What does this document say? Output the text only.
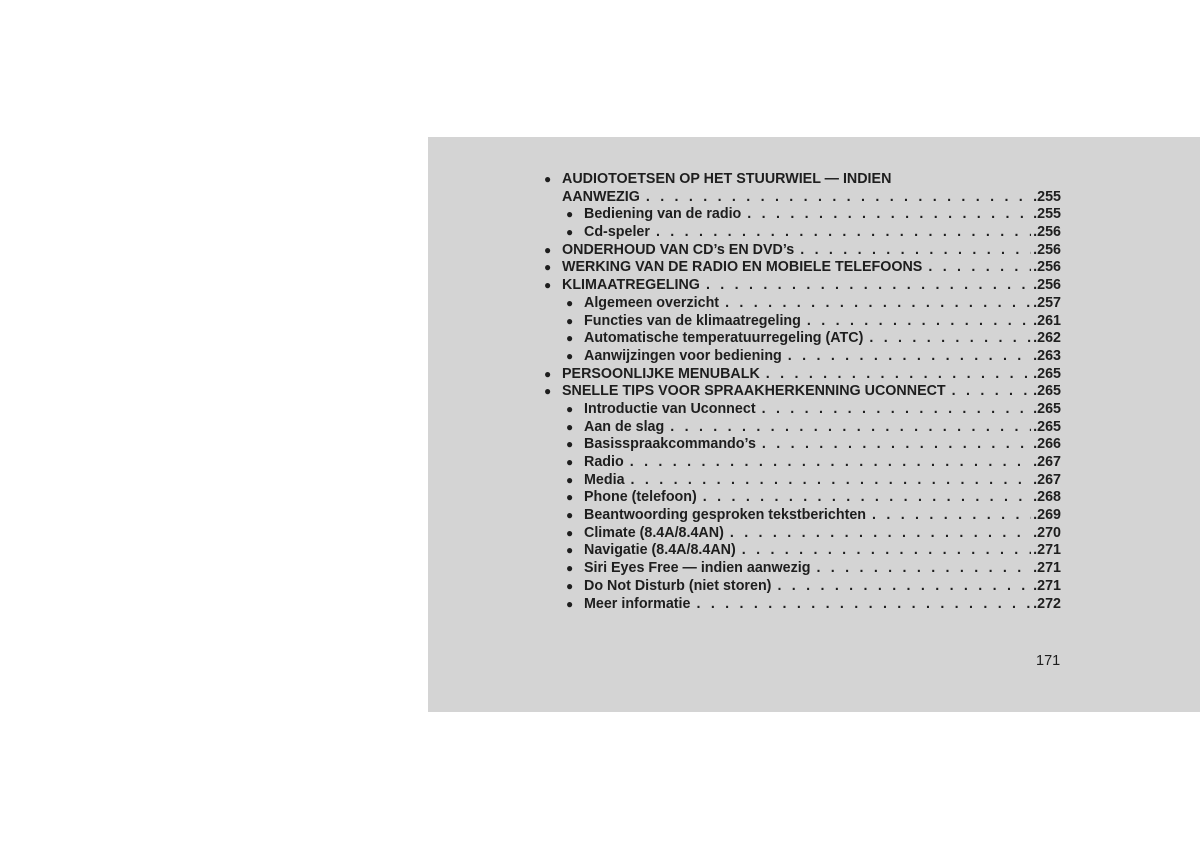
● AUDIOTOETSEN OP HET STUURWIEL — INDIEN
AANWEZIG . . .	.255
● Bediening van de radio . . .	.255
● Cd-speler . . .	.256
● ONDERHOUD VAN CD’s EN DVD’s . . .	.256
● WERKING VAN DE RADIO EN MOBIELE TELEFOONS . . .	.256
● KLIMAATREGELING . . .	.256
● Algemeen overzicht . . .	.257
● Functies van de klimaatregeling . . .	.261
● Automatische temperatuurregeling (ATC) . . .	.262
● Aanwijzingen voor bediening . . .	.263
● PERSOONLIJKE MENUBALK . . .	.265
● SNELLE TIPS VOOR SPRAAKHERKENNING UCONNECT . . .	.265
● Introductie van Uconnect . . .	.265
● Aan de slag . . .	.265
● Basisspraakcommando’s . . .	.266
● Radio . . .	.267
● Media . . .	.267
● Phone (telefoon) . . .	.268
● Beantwoording gesproken tekstberichten . . .	.269
● Climate (8.4A/8.4AN) . . .	.270
● Navigatie (8.4A/8.4AN) . . .	.271
● Siri Eyes Free — indien aanwezig . . .	.271
● Do Not Disturb (niet storen) . . .	.271
● Meer informatie . . .	.272
171
